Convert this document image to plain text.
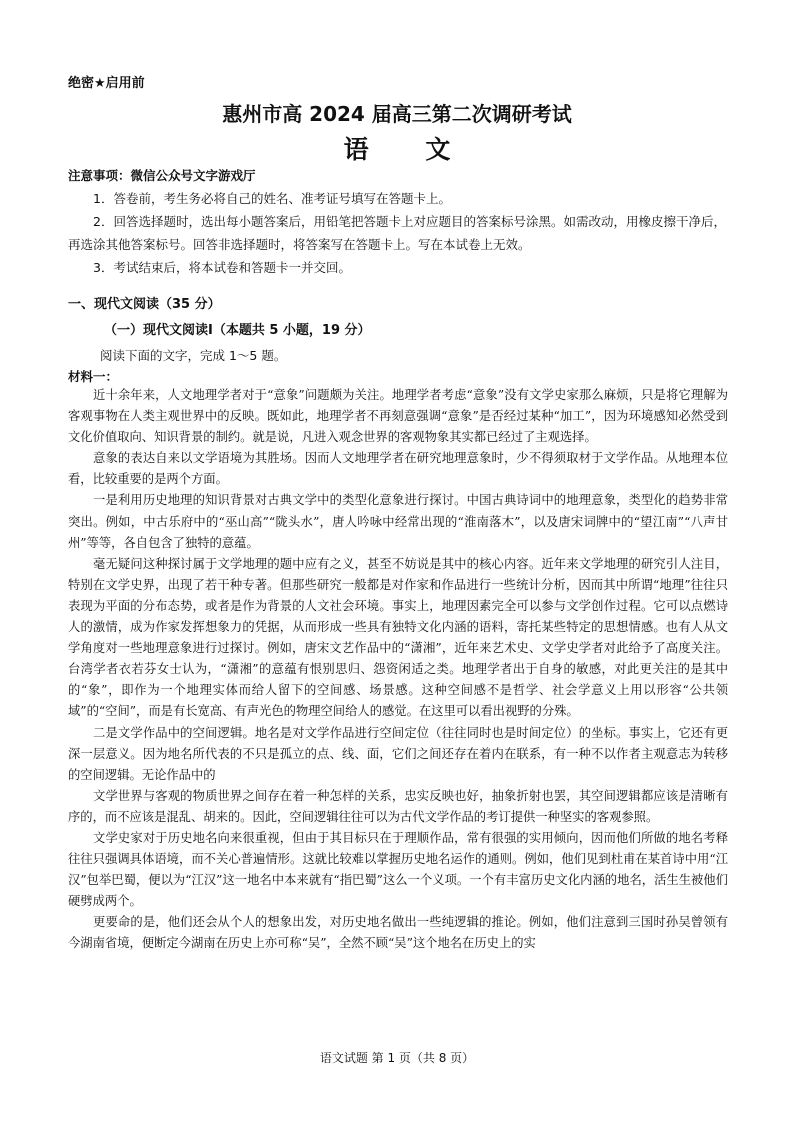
绝密★启用前
惠州市高 2024 届高三第二次调研考试
语 文

注意事项：微信公众号文字游戏厅

1．答卷前，考生务必将自己的姓名、准考证号填写在答题卡上。

2．回答选择题时，选出每小题答案后，用铅笔把答题卡上对应题目的答案标号涂黑。如需改动，用橡皮擦干净后，再选涂其他答案标号。回答非选择题时，将答案写在答题卡上。写在本试卷上无效。

3．考试结束后，将本试卷和答题卡一并交回。

一、现代文阅读（35 分）
（一）现代文阅读Ⅰ（本题共 5 小题，19 分）
阅读下面的文字，完成 1～5 题。
材料一：

近十余年来，人文地理学者对于“意象”问题颇为关注。地理学者考虑“意象”没有文学史家那么麻烦，只是将它理解为客观事物在人类主观世界中的反映。既如此，地理学者不再刻意强调“意象”是否经过某种“加工”，因为环境感知必然受到文化价值取向、知识背景的制约。就是说，凡进入观念世界的客观物象其实都已经过了主观选择。

意象的表达自来以文学语境为其胜场。因而人文地理学者在研究地理意象时，少不得须取材于文学作品。从地理本位看，比较重要的是两个方面。

一是利用历史地理的知识背景对古典文学中的类型化意象进行探讨。中国古典诗词中的地理意象，类型化的趋势非常突出。例如，中古乐府中的“巫山高”“陇头水”，唐人吟咏中经常出现的“淮南落木”，以及唐宋词牌中的“望江南”“八声甘州”等等，各自包含了独特的意蕴。

毫无疑问这种探讨属于文学地理的题中应有之义，甚至不妨说是其中的核心内容。近年来文学地理的研究引人注目，特别在文学史界，出现了若干种专著。但那些研究一般都是对作家和作品进行一些统计分析，因而其中所谓“地理”往往只表现为平面的分布态势，或者是作为背景的人文社会环境。事实上，地理因素完全可以参与文学创作过程。它可以点燃诗人的激情，成为作家发挥想象力的凭据，从而形成一些具有独特文化内涵的语料，寄托某些特定的思想情感。也有人从文学角度对一些地理意象进行过探讨。例如，唐宋文艺作品中的“潇湘”，近年来艺术史、文学史学者对此给予了高度关注。台湾学者衣若芬女士认为，“潇湘”的意蕴有恨别思归、怨资闲适之类。地理学者出于自身的敏感，对此更关注的是其中的“象”，即作为一个地理实体而给人留下的空间感、场景感。这种空间感不是哲学、社会学意义上用以形容“公共领域”的“空间”，而是有长宽高、有声光色的物理空间给人的感觉。在这里可以看出视野的分殊。

二是文学作品中的空间逻辑。地名是对文学作品进行空间定位（往往同时也是时间定位）的坐标。事实上，它还有更深一层意义。因为地名所代表的不只是孤立的点、线、面，它们之间还存在着内在联系，有一种不以作者主观意志为转移的空间逻辑。无论作品中的

文学世界与客观的物质世界之间存在着一种怎样的关系，忠实反映也好，抽象折射也罢，其空间逻辑都应该是清晰有序的，而不应该是混乱、胡来的。因此，空间逻辑往往可以为古代文学作品的考订提供一种坚实的客观参照。

文学史家对于历史地名向来很重视，但由于其目标只在于理顺作品，常有很强的实用倾向，因而他们所做的地名考释往往只强调具体语境，而不关心普遍情形。这就比较难以掌握历史地名运作的通则。例如，他们见到杜甫在某首诗中用“江汉”包举巴蜀，便以为“江汉”这一地名中本来就有“指巴蜀”这么一个义项。一个有丰富历史文化内涵的地名，活生生被他们硬劈成两个。

更要命的是，他们还会从个人的想象出发，对历史地名做出一些纯逻辑的推论。例如，他们注意到三国时孙吴曾领有今湖南省境，便断定今湖南在历史上亦可称“吴”，全然不顾“吴”这个地名在历史上的实

语文试题 第 1 页（共 8 页）
